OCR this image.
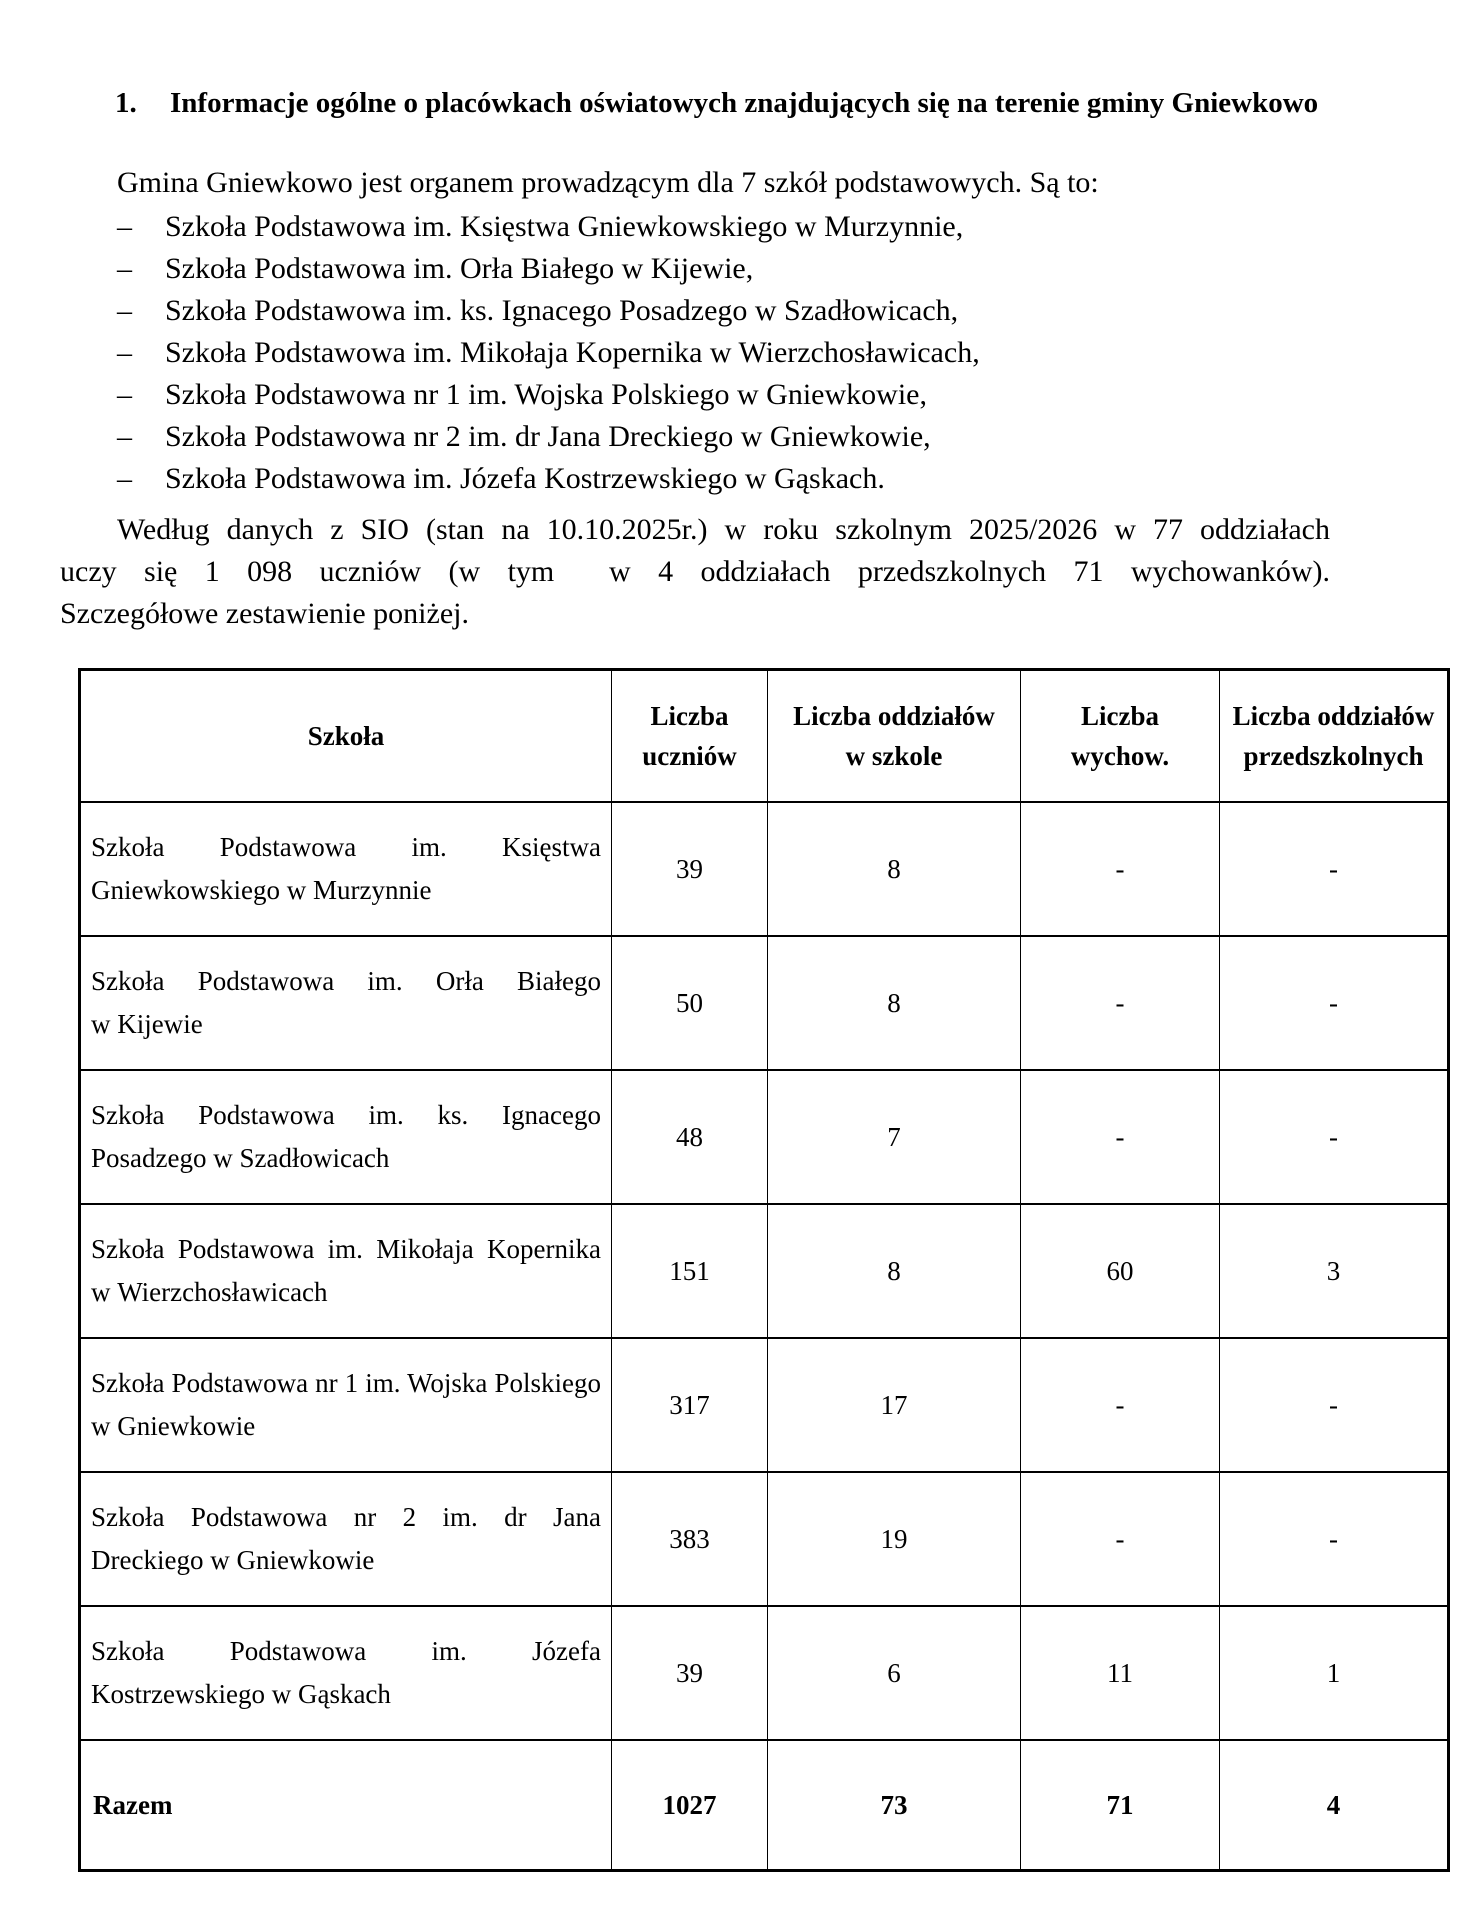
1. Informacje ogólne o placówkach oświatowych znajdujących się na terenie gminy Gniewkowo
Gmina Gniewkowo jest organem prowadzącym dla 7 szkół podstawowych. Są to:
– Szkoła Podstawowa im. Księstwa Gniewkowskiego w Murzynnie,
– Szkoła Podstawowa im. Orła Białego w Kijewie,
– Szkoła Podstawowa im. ks. Ignacego Posadzego w Szadłowicach,
– Szkoła Podstawowa im. Mikołaja Kopernika w Wierzchosławicach,
– Szkoła Podstawowa nr 1 im. Wojska Polskiego w Gniewkowie,
– Szkoła Podstawowa nr 2 im. dr Jana Dreckiego w Gniewkowie,
– Szkoła Podstawowa im. Józefa Kostrzewskiego w Gąskach.
Według danych z SIO (stan na 10.10.2025r.) w roku szkolnym 2025/2026 w 77 oddziałach
uczy się 1 098 uczniów (w tym  w 4 oddziałach przedszkolnych 71 wychowanków).
Szczegółowe zestawienie poniżej.
Szkoła	Liczba uczniów	Liczba oddziałów w szkole	Liczba wychow.	Liczba oddziałów przedszkolnych
Szkoła Podstawowa im. Księstwa Gniewkowskiego w Murzynnie	39	8	-	-
Szkoła Podstawowa im. Orła Białego w Kijewie	50	8	-	-
Szkoła Podstawowa im. ks. Ignacego Posadzego w Szadłowicach	48	7	-	-
Szkoła Podstawowa im. Mikołaja Kopernika w Wierzchosławicach	151	8	60	3
Szkoła Podstawowa nr 1 im. Wojska Polskiego w Gniewkowie	317	17	-	-
Szkoła Podstawowa nr 2 im. dr Jana Dreckiego w Gniewkowie	383	19	-	-
Szkoła Podstawowa im. Józefa Kostrzewskiego w Gąskach	39	6	11	1
Razem	1027	73	71	4
